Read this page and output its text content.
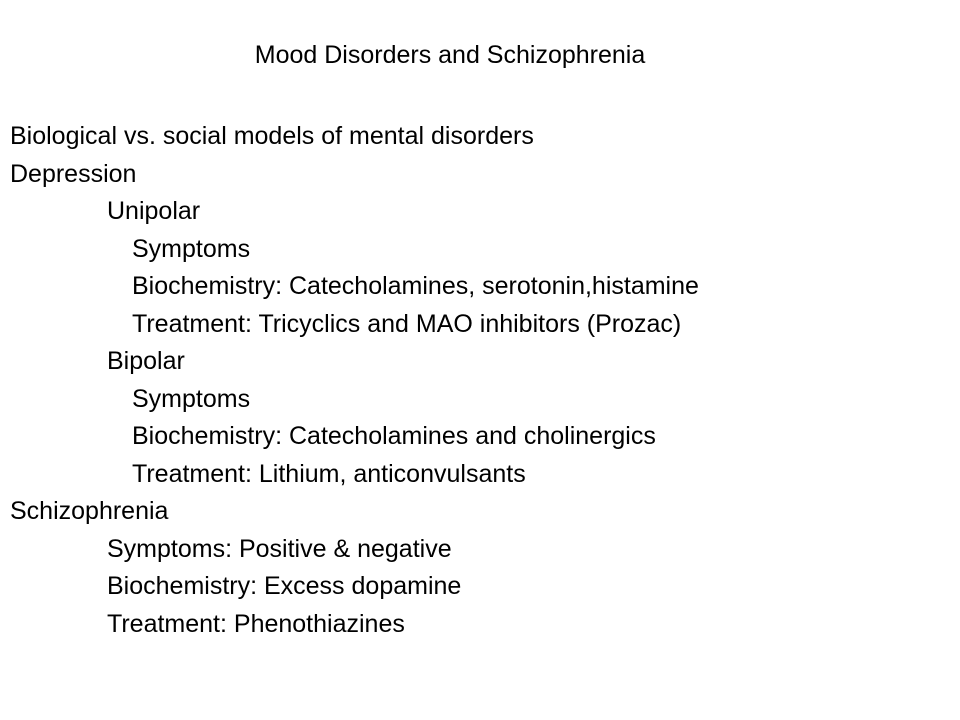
Mood Disorders and Schizophrenia
Biological vs. social models of mental disorders
Depression
Unipolar
Symptoms
Biochemistry: Catecholamines, serotonin,histamine
Treatment: Tricyclics and MAO inhibitors (Prozac)
Bipolar
Symptoms
Biochemistry: Catecholamines and cholinergics
Treatment: Lithium, anticonvulsants
Schizophrenia
Symptoms: Positive & negative
Biochemistry: Excess dopamine
Treatment: Phenothiazines
